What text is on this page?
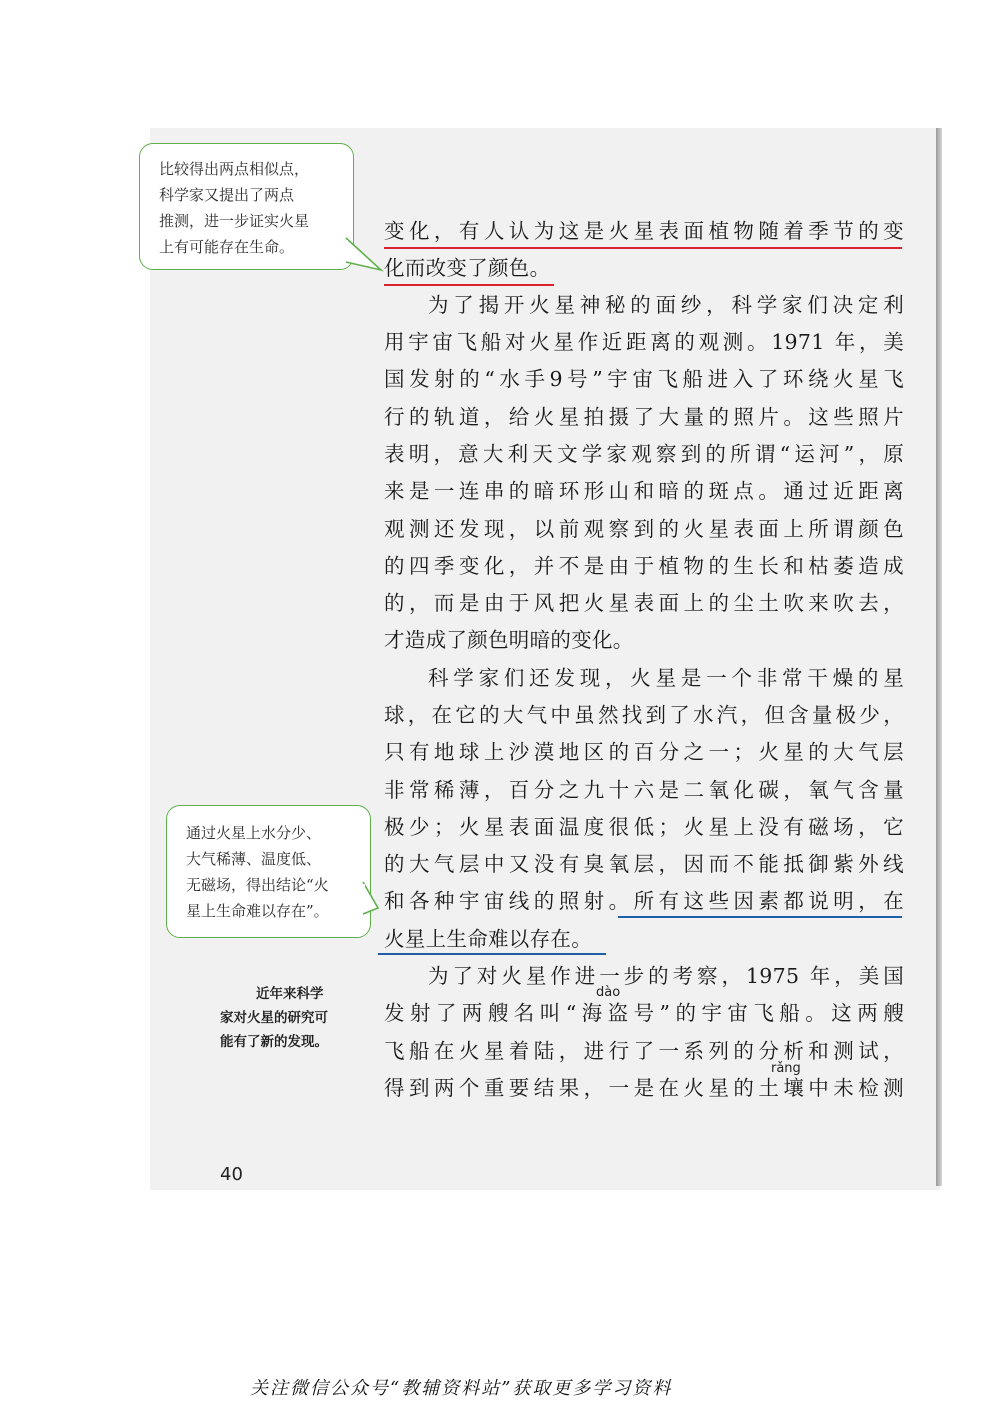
比较得出两点相似点，
科学家又提出了两点
推测，进一步证实火星
上有可能存在生命。
通过火星上水分少、
大气稀薄、温度低、
无磁场，得出结论“火
星上生命难以存在”。
近年来科学
家对火星的研究可
能有了新的发现。
变化，有人认为这是火星表面植物随着季节的变
化而改变了颜色。
为了揭开火星神秘的面纱，科学家们决定利
用宇宙飞船对火星作近距离的观测。1971 年，美
国发射的“水手9号”宇宙飞船进入了环绕火星飞
行的轨道，给火星拍摄了大量的照片。这些照片
表明，意大利天文学家观察到的所谓“运河”，原
来是一连串的暗环形山和暗的斑点。通过近距离
观测还发现，以前观察到的火星表面上所谓颜色
的四季变化，并不是由于植物的生长和枯萎造成
的，而是由于风把火星表面上的尘土吹来吹去，
才造成了颜色明暗的变化。
科学家们还发现，火星是一个非常干燥的星
球，在它的大气中虽然找到了水汽，但含量极少，
只有地球上沙漠地区的百分之一；火星的大气层
非常稀薄，百分之九十六是二氧化碳，氧气含量
极少；火星表面温度很低；火星上没有磁场，它
的大气层中又没有臭氧层，因而不能抵御紫外线
和各种宇宙线的照射。所有这些因素都说明，在
火星上生命难以存在。
为了对火星作进一步的考察，1975 年，美国
发射了两艘名叫“海盗号”的宇宙飞船。这两艘
飞船在火星着陆，进行了一系列的分析和测试，
得到两个重要结果，一是在火星的土壤中未检测
dào
rǎng
40
关注微信公众号“教辅资料站”获取更多学习资料
